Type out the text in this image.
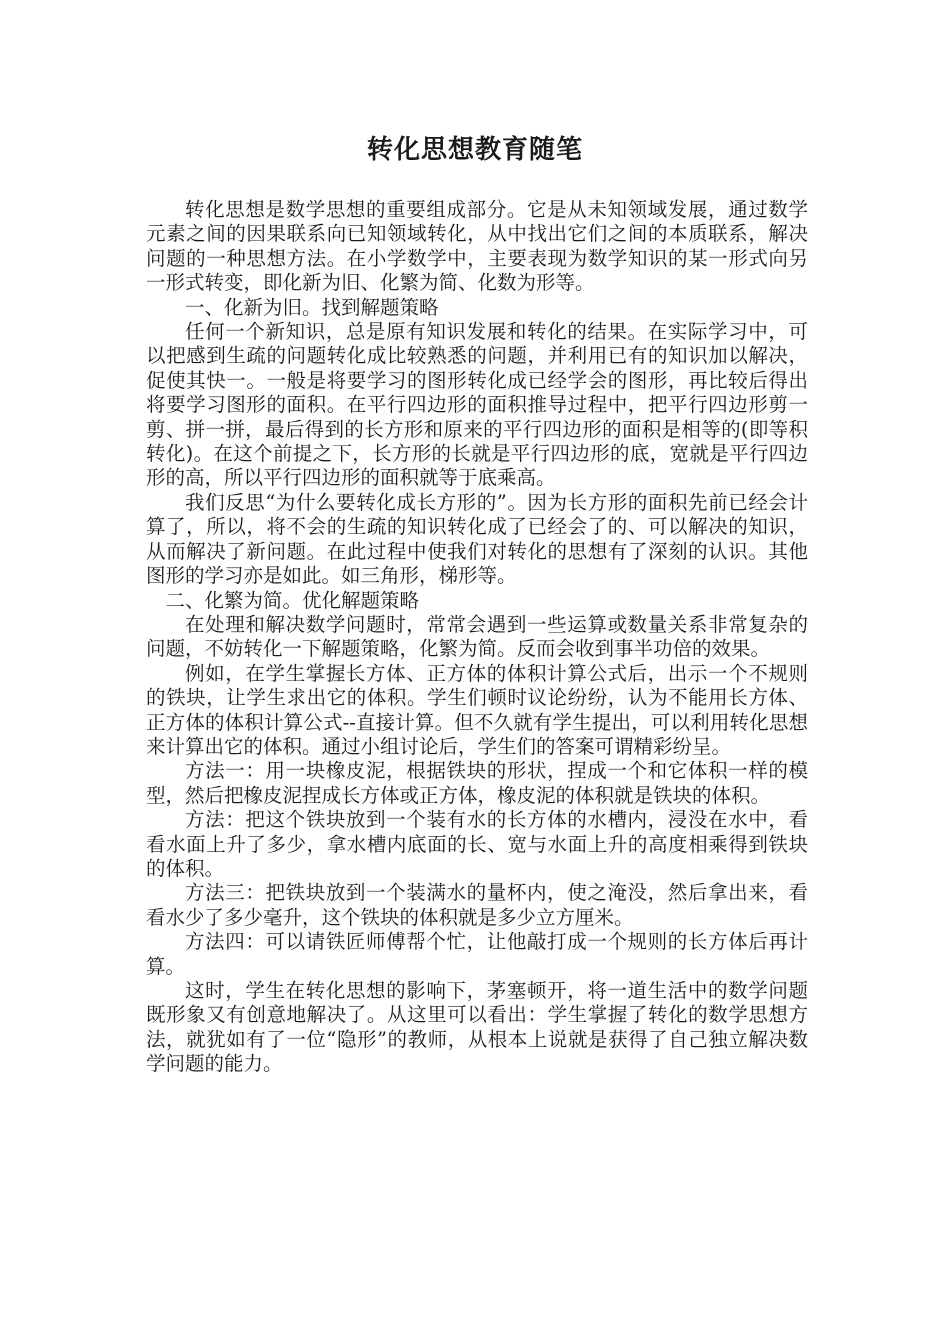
转化思想教育随笔

转化思想是数学思想的重要组成部分。它是从未知领域发展，通过数学元素之间的因果联系向已知领域转化，从中找出它们之间的本质联系，解决问题的一种思想方法。在小学数学中，主要表现为数学知识的某一形式向另一形式转变，即化新为旧、化繁为简、化数为形等。

一、化新为旧。找到解题策略

任何一个新知识，总是原有知识发展和转化的结果。在实际学习中，可以把感到生疏的问题转化成比较熟悉的问题，并利用已有的知识加以解决，促使其快一。一般是将要学习的图形转化成已经学会的图形，再比较后得出将要学习图形的面积。在平行四边形的面积推导过程中，把平行四边形剪一剪、拼一拼，最后得到的长方形和原来的平行四边形的面积是相等的(即等积转化)。在这个前提之下，长方形的长就是平行四边形的底，宽就是平行四边形的高，所以平行四边形的面积就等于底乘高。

我们反思“为什么要转化成长方形的”。因为长方形的面积先前已经会计算了，所以，将不会的生疏的知识转化成了已经会了的、可以解决的知识，从而解决了新问题。在此过程中使我们对转化的思想有了深刻的认识。其他图形的学习亦是如此。如三角形，梯形等。

二、化繁为简。优化解题策略

在处理和解决数学问题时，常常会遇到一些运算或数量关系非常复杂的问题，不妨转化一下解题策略，化繁为简。反而会收到事半功倍的效果。

例如，在学生掌握长方体、正方体的体积计算公式后，出示一个不规则的铁块，让学生求出它的体积。学生们顿时议论纷纷，认为不能用长方体、正方体的体积计算公式--直接计算。但不久就有学生提出，可以利用转化思想来计算出它的体积。通过小组讨论后，学生们的答案可谓精彩纷呈。

方法一：用一块橡皮泥，根据铁块的形状，捏成一个和它体积一样的模型，然后把橡皮泥捏成长方体或正方体，橡皮泥的体积就是铁块的体积。

方法：把这个铁块放到一个装有水的长方体的水槽内，浸没在水中，看看水面上升了多少，拿水槽内底面的长、宽与水面上升的高度相乘得到铁块的体积。

方法三：把铁块放到一个装满水的量杯内，使之淹没，然后拿出来，看看水少了多少毫升，这个铁块的体积就是多少立方厘米。

方法四：可以请铁匠师傅帮个忙，让他敲打成一个规则的长方体后再计算。

这时，学生在转化思想的影响下，茅塞顿开，将一道生活中的数学问题既形象又有创意地解决了。从这里可以看出：学生掌握了转化的数学思想方法，就犹如有了一位“隐形”的教师，从根本上说就是获得了自己独立解决数学问题的能力。
